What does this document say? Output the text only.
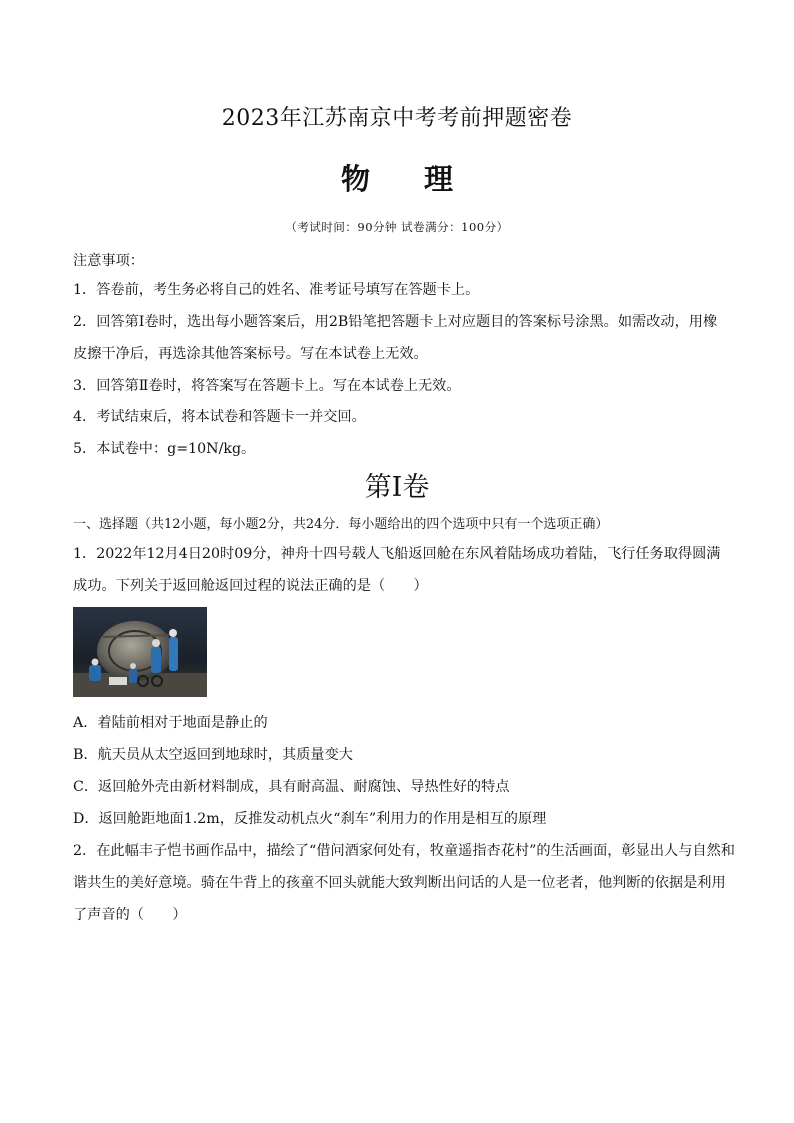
2023年江苏南京中考考前押题密卷
物 理
（考试时间：90分钟 试卷满分：100分）
注意事项：
1．答卷前，考生务必将自己的姓名、准考证号填写在答题卡上。
2．回答第Ⅰ卷时，选出每小题答案后，用2B铅笔把答题卡上对应题目的答案标号涂黑。如需改动，用橡
皮擦干净后，再选涂其他答案标号。写在本试卷上无效。
3．回答第Ⅱ卷时，将答案写在答题卡上。写在本试卷上无效。
4．考试结束后，将本试卷和答题卡一并交回。
5．本试卷中：g=10N/kg。
第Ⅰ卷
一、选择题（共12小题，每小题2分，共24分．每小题给出的四个选项中只有一个选项正确）
1．2022年12月4日20时09分，神舟十四号载人飞船返回舱在东风着陆场成功着陆，飞行任务取得圆满
成功。下列关于返回舱返回过程的说法正确的是（　　）
A．着陆前相对于地面是静止的
B．航天员从太空返回到地球时，其质量变大
C．返回舱外壳由新材料制成，具有耐高温、耐腐蚀、导热性好的特点
D．返回舱距地面1.2m，反推发动机点火“刹车”利用力的作用是相互的原理
2．在此幅丰子恺书画作品中，描绘了“借问酒家何处有，牧童遥指杏花村”的生活画面，彰显出人与自然和
谐共生的美好意境。骑在牛背上的孩童不回头就能大致判断出问话的人是一位老者，他判断的依据是利用
了声音的（　　）
